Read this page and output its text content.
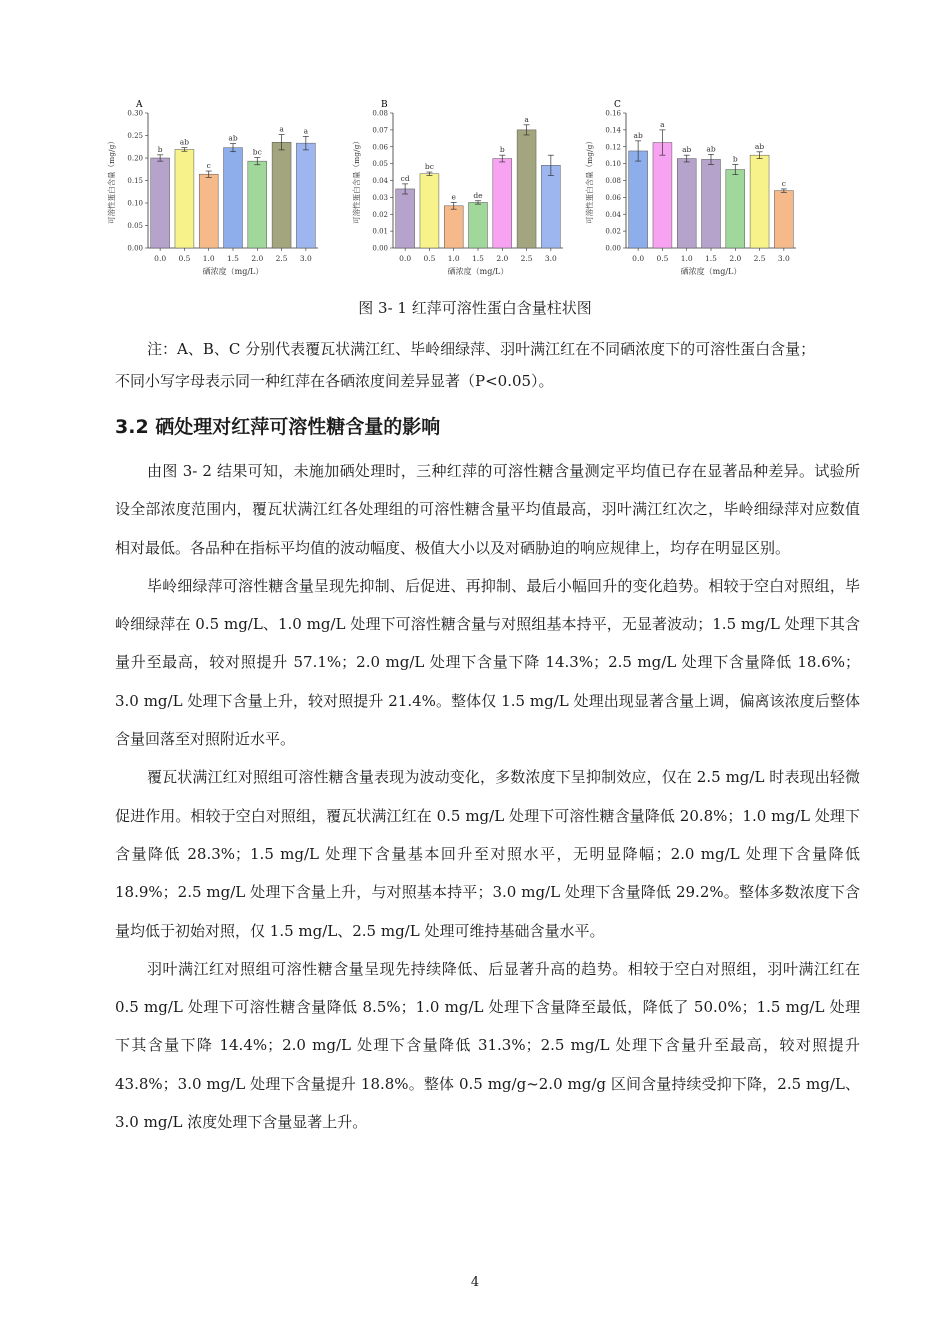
A
0.00
0.05
0.10
0.15
0.20
0.25
0.30
可溶性蛋白含量（mg/g）	b
0.0
ab
0.5
c
1.0
ab
1.5
bc
2.0
a
2.5
a
3.0
硒浓度（mg/L）
B
0.00
0.01
0.02
0.03
0.04
0.05
0.06
0.07
0.08
可溶性蛋白含量（mg/g）	cd
0.0
bc
0.5
e
1.0
de
1.5
b
2.0
a
2.5 3.0
硒浓度（mg/L）
C
0.00
0.02
0.04
0.06
0.08
0.10
0.12
0.14
0.16
可溶性蛋白含量（mg/g）
ab
0.0
a
0.5
ab
1.0
ab
1.5
b
2.0
ab
2.5
c
3.0
硒浓度（mg/L）
图 3- 1 红萍可溶性蛋白含量柱状图

注：A、B、C 分别代表覆瓦状满江红、毕岭细绿萍、羽叶满江红在不同硒浓度下的可溶性蛋白含量；

不同小写字母表示同一种红萍在各硒浓度间差异显著（P<0.05）。

3.2 硒处理对红萍可溶性糖含量的影响

由图 3- 2 结果可知，未施加硒处理时，三种红萍的可溶性糖含量测定平均值已存在显著品种差异。试验所设全部浓度范围内，覆瓦状满江红各处理组的可溶性糖含量平均值最高，羽叶满江红次之，毕岭细绿萍对应数值相对最低。各品种在指标平均值的波动幅度、极值大小以及对硒胁迫的响应规律上，均存在明显区别。

毕岭细绿萍可溶性糖含量呈现先抑制、后促进、再抑制、最后小幅回升的变化趋势。相较于空白对照组，毕岭细绿萍在 0.5 mg/L、1.0 mg/L 处理下可溶性糖含量与对照组基本持平，无显著波动；1.5 mg/L 处理下其含量升至最高，较对照提升 57.1%；2.0 mg/L 处理下含量下降 14.3%；2.5 mg/L 处理下含量降低 18.6%；3.0 mg/L 处理下含量上升，较对照提升 21.4%。整体仅 1.5 mg/L 处理出现显著含量上调，偏离该浓度后整体含量回落至对照附近水平。

覆瓦状满江红对照组可溶性糖含量表现为波动变化，多数浓度下呈抑制效应，仅在 2.5 mg/L 时表现出轻微促进作用。相较于空白对照组，覆瓦状满江红在 0.5 mg/L 处理下可溶性糖含量降低 20.8%；1.0 mg/L 处理下含量降低 28.3%；1.5 mg/L 处理下含量基本回升至对照水平，无明显降幅；2.0 mg/L 处理下含量降低 18.9%；2.5 mg/L 处理下含量上升，与对照基本持平；3.0 mg/L 处理下含量降低 29.2%。整体多数浓度下含量均低于初始对照，仅 1.5 mg/L、2.5 mg/L 处理可维持基础含量水平。

羽叶满江红对照组可溶性糖含量呈现先持续降低、后显著升高的趋势。相较于空白对照组，羽叶满江红在 0.5 mg/L 处理下可溶性糖含量降低 8.5%；1.0 mg/L 处理下含量降至最低，降低了 50.0%；1.5 mg/L 处理下其含量下降 14.4%；2.0 mg/L 处理下含量降低 31.3%；2.5 mg/L 处理下含量升至最高，较对照提升 43.8%；3.0 mg/L 处理下含量提升 18.8%。整体 0.5 mg/g~2.0 mg/g 区间含量持续受抑下降，2.5 mg/L、3.0 mg/L 浓度处理下含量显著上升。

4
